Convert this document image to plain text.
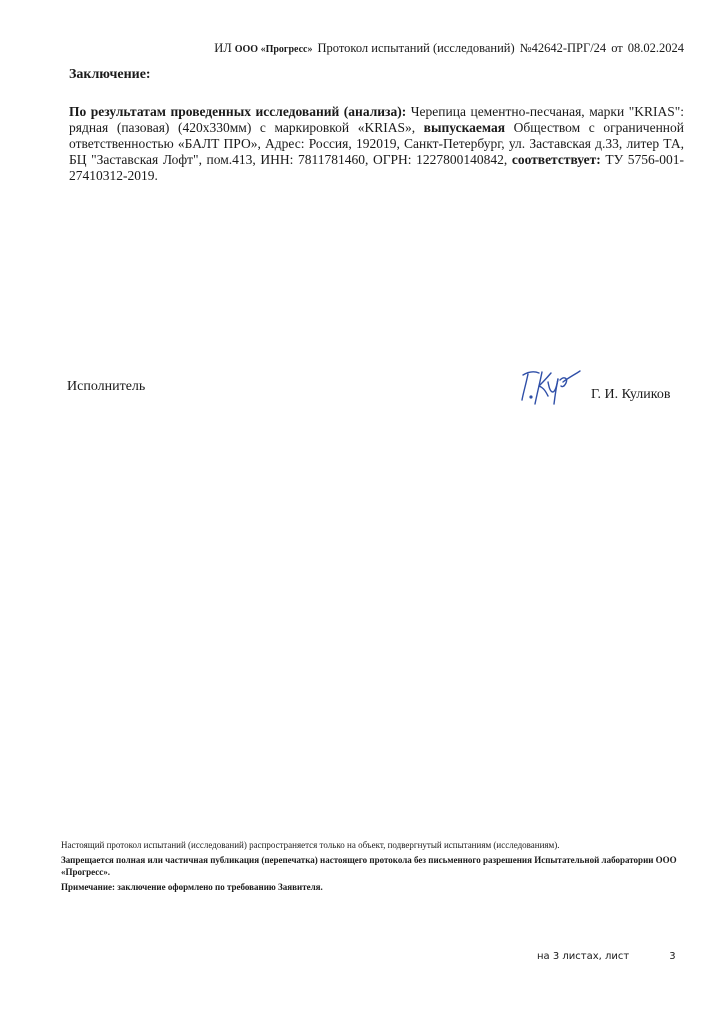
ИЛ ООО «Прогресс» Протокол испытаний (исследований) №42642-ПРГ/24 от 08.02.2024
Заключение:
По результатам проведенных исследований (анализа): Черепица цементно-песчаная, марки "KRIAS": рядная (пазовая) (420x330мм) с маркировкой «KRIAS», выпускаемая Обществом с ограниченной ответственностью «БАЛТ ПРО», Адрес: Россия, 192019, Санкт-Петербург, ул. Заставская д.33, литер ТА, БЦ "Заставская Лофт", пом.413, ИНН: 7811781460, ОГРН: 1227800140842, соответствует: ТУ 5756-001-27410312-2019.
Исполнитель
Г. И. Куликов

Настоящий протокол испытаний (исследований) распространяется только на объект, подвергнутый испытаниям (исследованиям).

Запрещается полная или частичная публикация (перепечатка) настоящего протокола без письменного разрешения Испытательной лаборатории ООО «Прогресс».

Примечание: заключение оформлено по требованию Заявителя.

на 3 листах, лист	3
